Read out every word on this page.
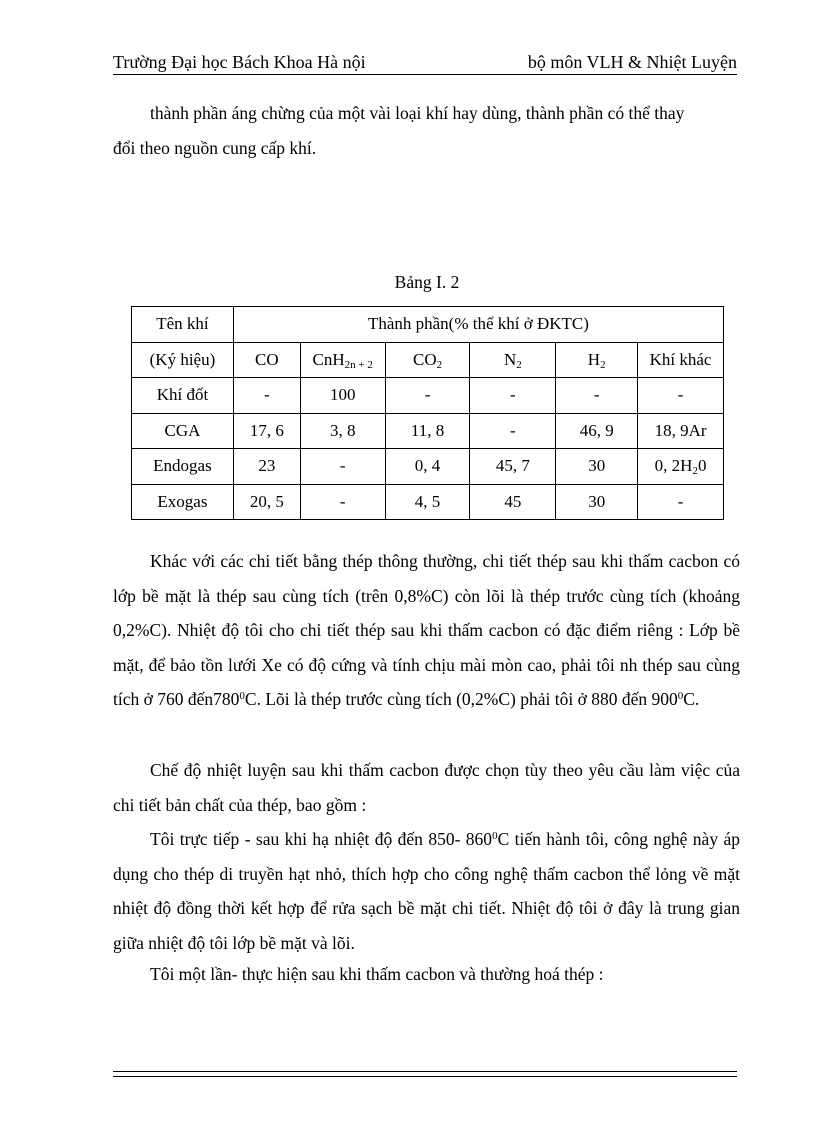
Trường Đại học Bách Khoa Hà nội	bộ môn VLH & Nhiệt Luyện
thành phần áng chừng của một vài loại khí hay dùng, thành phần có thể thay
đổi theo nguồn cung cấp khí.
Bảng I. 2
Tên khí	Thành phần(% thể khí ở ĐKTC)					
(Ký hiệu)	CO	CnH$_{2n + 2}$	$CO_2$	$N_2$	$H_2$	Khí khác
Khí đốt	-	100	-	-	-	-
CGA	17, 6	3, 8	11, 8	-	46, 9	18, 9Ar
Endogas	23	-	0, 4	45, 7	30	0, $2H_20$
Exogas	20, 5	-	4, 5	45	30	-
Khác với các chi tiết bằng thép thông thường, chi tiết thép sau khi thấm cacbon có lớp bề mặt là thép sau cùng tích (trên 0,8%C) còn lõi là thép trước cùng tích (khoảng 0,2%C). Nhiệt độ tôi cho chi tiết thép sau khi thấm cacbon có đặc điểm riêng : Lớp bề mặt, để bảo tồn lưới Xe có độ cứng và tính chịu mài mòn cao, phải tôi nh thép sau cùng tích ở 760 $đến780^0C$. Lõi là thép trước cùng tích (0,2%C) phải tôi ở 880 đến $900^0C$.
Chế độ nhiệt luyện sau khi thấm cacbon được chọn tùy theo yêu cầu làm việc của chi tiết bản chất của thép, bao gồm :
Tôi trực tiếp - sau khi hạ nhiệt độ đến 850- $860^0C$ tiến hành tôi, công nghệ này áp dụng cho thép di truyền hạt nhỏ, thích hợp cho công nghệ thấm cacbon thể lỏng về mặt nhiệt độ đồng thời kết hợp để rửa sạch bề mặt chi tiết. Nhiệt độ tôi ở đây là trung gian giữa nhiệt độ tôi lớp bề mặt và lõi.
Tôi một lần- thực hiện sau khi thấm cacbon và thường hoá thép :
